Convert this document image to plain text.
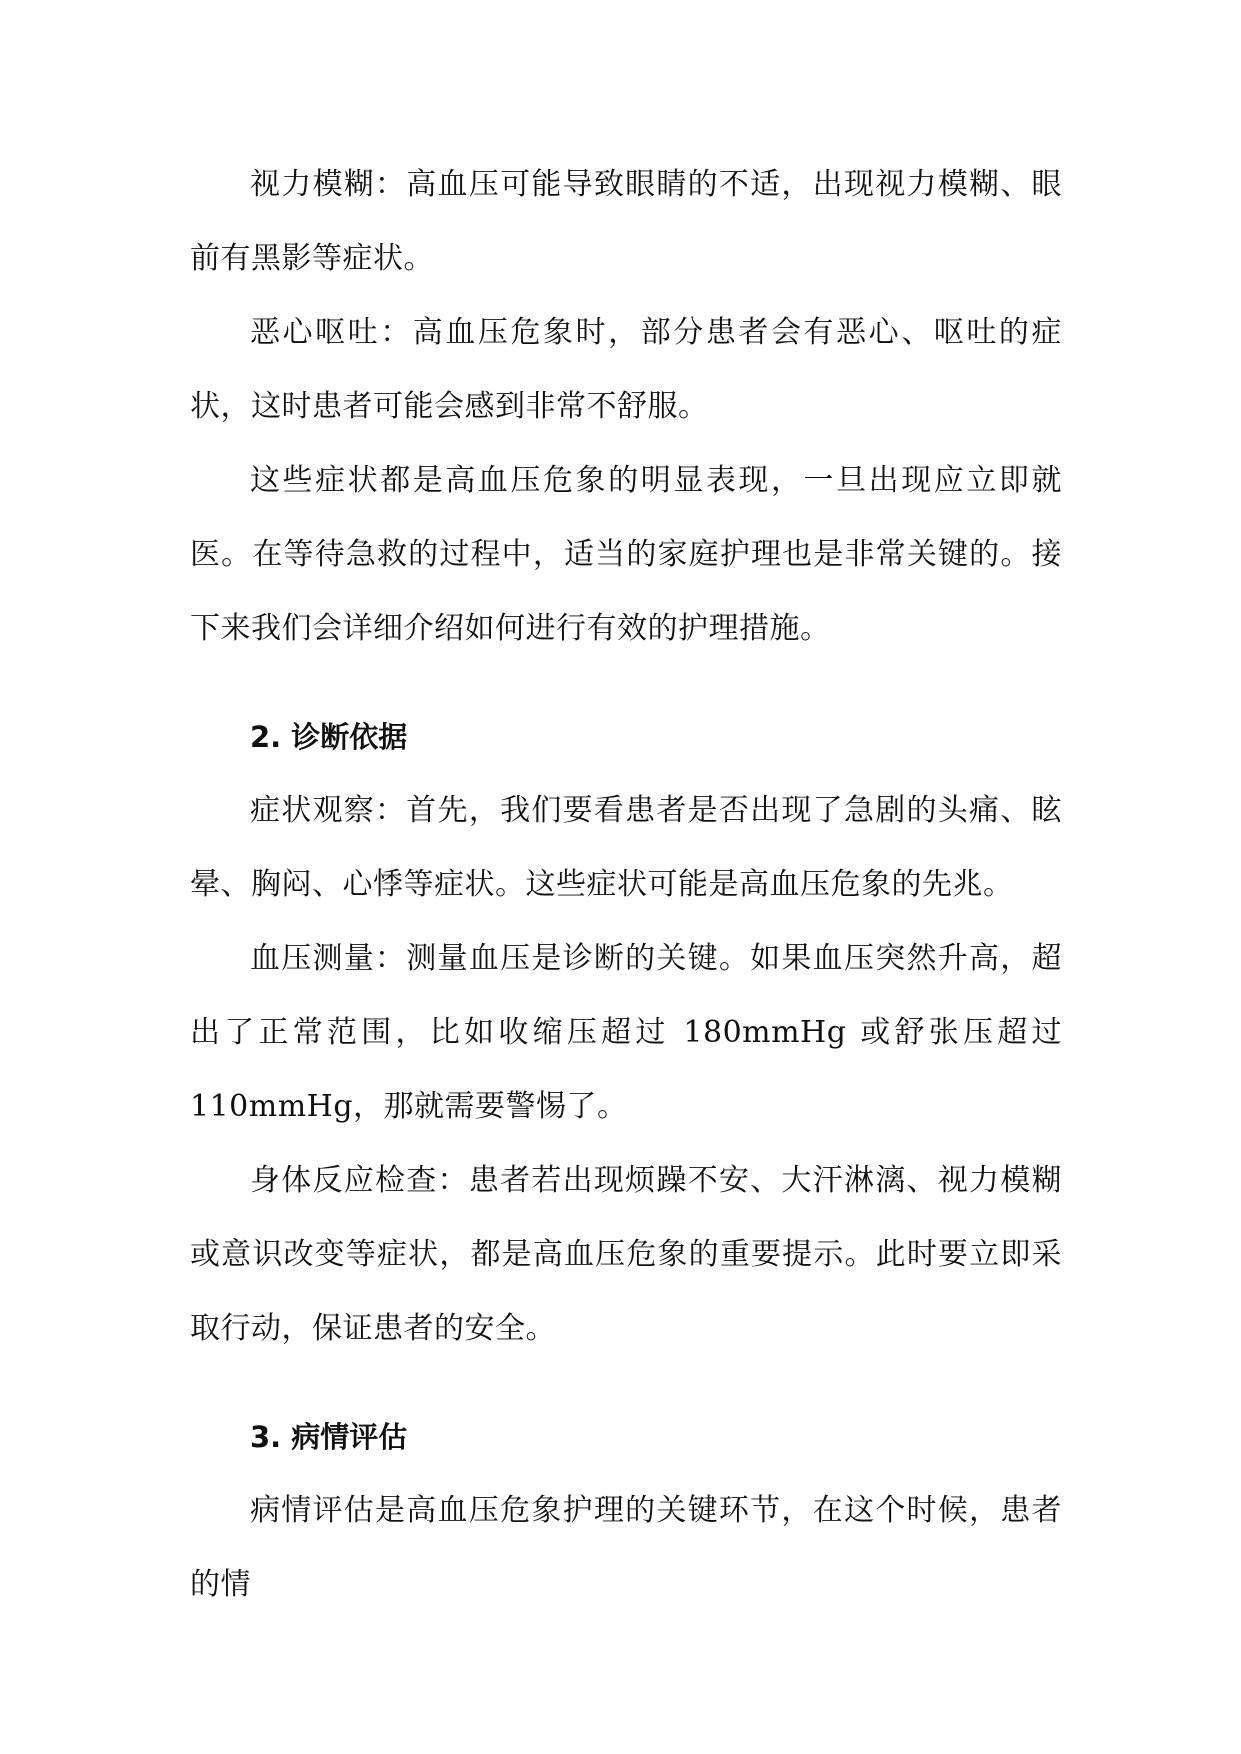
视力模糊：高血压可能导致眼睛的不适，出现视力模糊、眼前有黑影等症状。

恶心呕吐：高血压危象时，部分患者会有恶心、呕吐的症状，这时患者可能会感到非常不舒服。

这些症状都是高血压危象的明显表现，一旦出现应立即就医。在等待急救的过程中，适当的家庭护理也是非常关键的。接下来我们会详细介绍如何进行有效的护理措施。

2. 诊断依据

症状观察：首先，我们要看患者是否出现了急剧的头痛、眩晕、胸闷、心悸等症状。这些症状可能是高血压危象的先兆。

血压测量：测量血压是诊断的关键。如果血压突然升高，超出了正常范围，比如收缩压超过 180mmHg 或舒张压超过 110mmHg，那就需要警惕了。

身体反应检查：患者若出现烦躁不安、大汗淋漓、视力模糊或意识改变等症状，都是高血压危象的重要提示。此时要立即采取行动，保证患者的安全。

3. 病情评估

病情评估是高血压危象护理的关键环节，在这个时候，患者的情
